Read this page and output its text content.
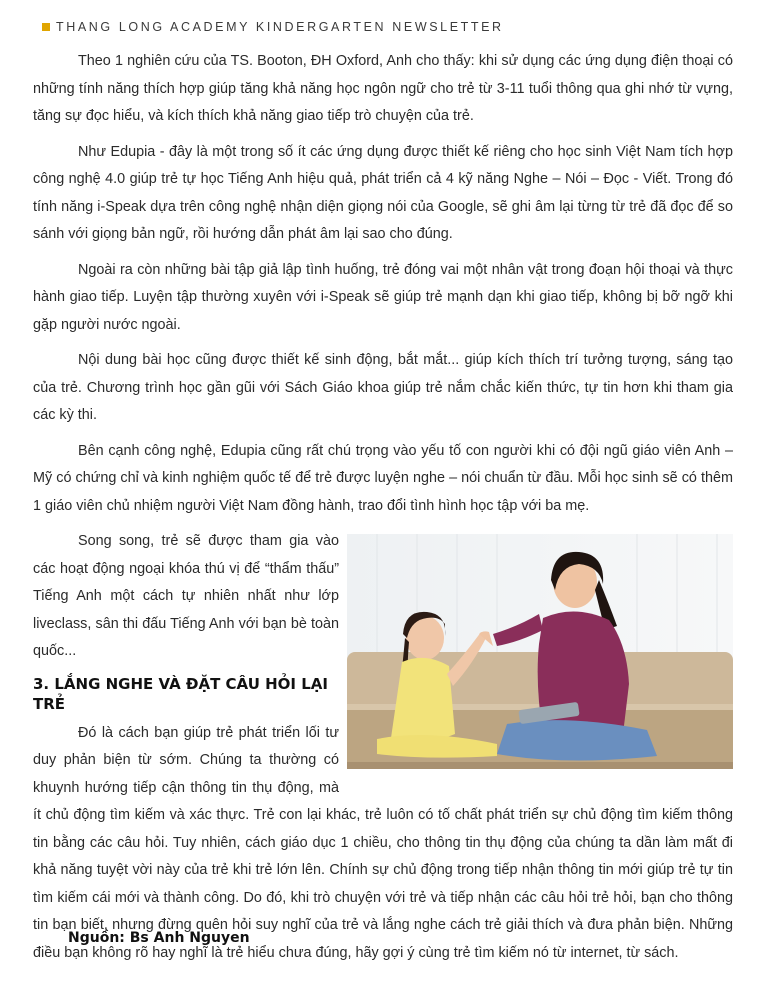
THANG LONG ACADEMY KINDERGARTEN NEWSLETTER

Theo 1 nghiên cứu của TS. Booton, ĐH Oxford, Anh cho thấy: khi sử dụng các ứng dụng điện thoại có những tính năng thích hợp giúp tăng khả năng học ngôn ngữ cho trẻ từ 3-11 tuổi thông qua ghi nhớ từ vựng, tăng sự đọc hiểu, và kích thích khả năng giao tiếp trò chuyện của trẻ.

Như Edupia - đây là một trong số ít các ứng dụng được thiết kế riêng cho học sinh Việt Nam tích hợp công nghệ 4.0 giúp trẻ tự học Tiếng Anh hiệu quả, phát triển cả 4 kỹ năng Nghe – Nói – Đọc - Viết. Trong đó tính năng i-Speak dựa trên công nghệ nhận diện giọng nói của Google, sẽ ghi âm lại từng từ trẻ đã đọc để so sánh với giọng bản ngữ, rồi hướng dẫn phát âm lại sao cho đúng.

Ngoài ra còn những bài tập giả lập tình huống, trẻ đóng vai một nhân vật trong đoạn hội thoại và thực hành giao tiếp. Luyện tập thường xuyên với i-Speak sẽ giúp trẻ mạnh dạn khi giao tiếp, không bị bỡ ngỡ khi gặp người nước ngoài.

Nội dung bài học cũng được thiết kế sinh động, bắt mắt... giúp kích thích trí tưởng tượng, sáng tạo của trẻ. Chương trình học gần gũi với Sách Giáo khoa giúp trẻ nắm chắc kiến thức, tự tin hơn khi tham gia các kỳ thi.

Bên cạnh công nghệ, Edupia cũng rất chú trọng vào yếu tố con người khi có đội ngũ giáo viên Anh – Mỹ có chứng chỉ và kinh nghiệm quốc tế để trẻ được luyện nghe – nói chuẩn từ đầu. Mỗi học sinh sẽ có thêm 1 giáo viên chủ nhiệm người Việt Nam đồng hành, trao đổi tình hình học tập với ba mẹ.

Song song, trẻ sẽ được tham gia vào các hoạt động ngoại khóa thú vị để “thẩm thấu” Tiếng Anh một cách tự nhiên nhất như lớp liveclass, sân thi đấu Tiếng Anh với bạn bè toàn quốc...

3. LẮNG NGHE VÀ ĐẶT CÂU HỎI LẠI TRẺ

Đó là cách bạn giúp trẻ phát triển lối tư duy phản biện từ sớm. Chúng ta thường có khuynh hướng tiếp cận thông tin thụ động, mà ít chủ động tìm kiếm và xác thực. Trẻ con lại khác, trẻ luôn có tố chất phát triển sự chủ động tìm kiếm thông tin bằng các câu hỏi. Tuy nhiên, cách giáo dục 1 chiều, cho thông tin thụ động của chúng ta dần làm mất đi khả năng tuyệt vời này của trẻ khi trẻ lớn lên. Chính sự chủ động trong tiếp nhận thông tin mới giúp trẻ tự tin tìm kiếm cái mới và thành công. Do đó, khi trò chuyện với trẻ và tiếp nhận các câu hỏi trẻ hỏi, bạn cho thông tin bạn biết, nhưng đừng quên hỏi suy nghĩ của trẻ và lắng nghe cách trẻ giải thích và đưa phản biện. Những điều bạn không rõ hay nghĩ là trẻ hiểu chưa đúng, hãy gợi ý cùng trẻ tìm kiếm nó từ internet, từ sách.

Nguồn: Bs Anh Nguyen
